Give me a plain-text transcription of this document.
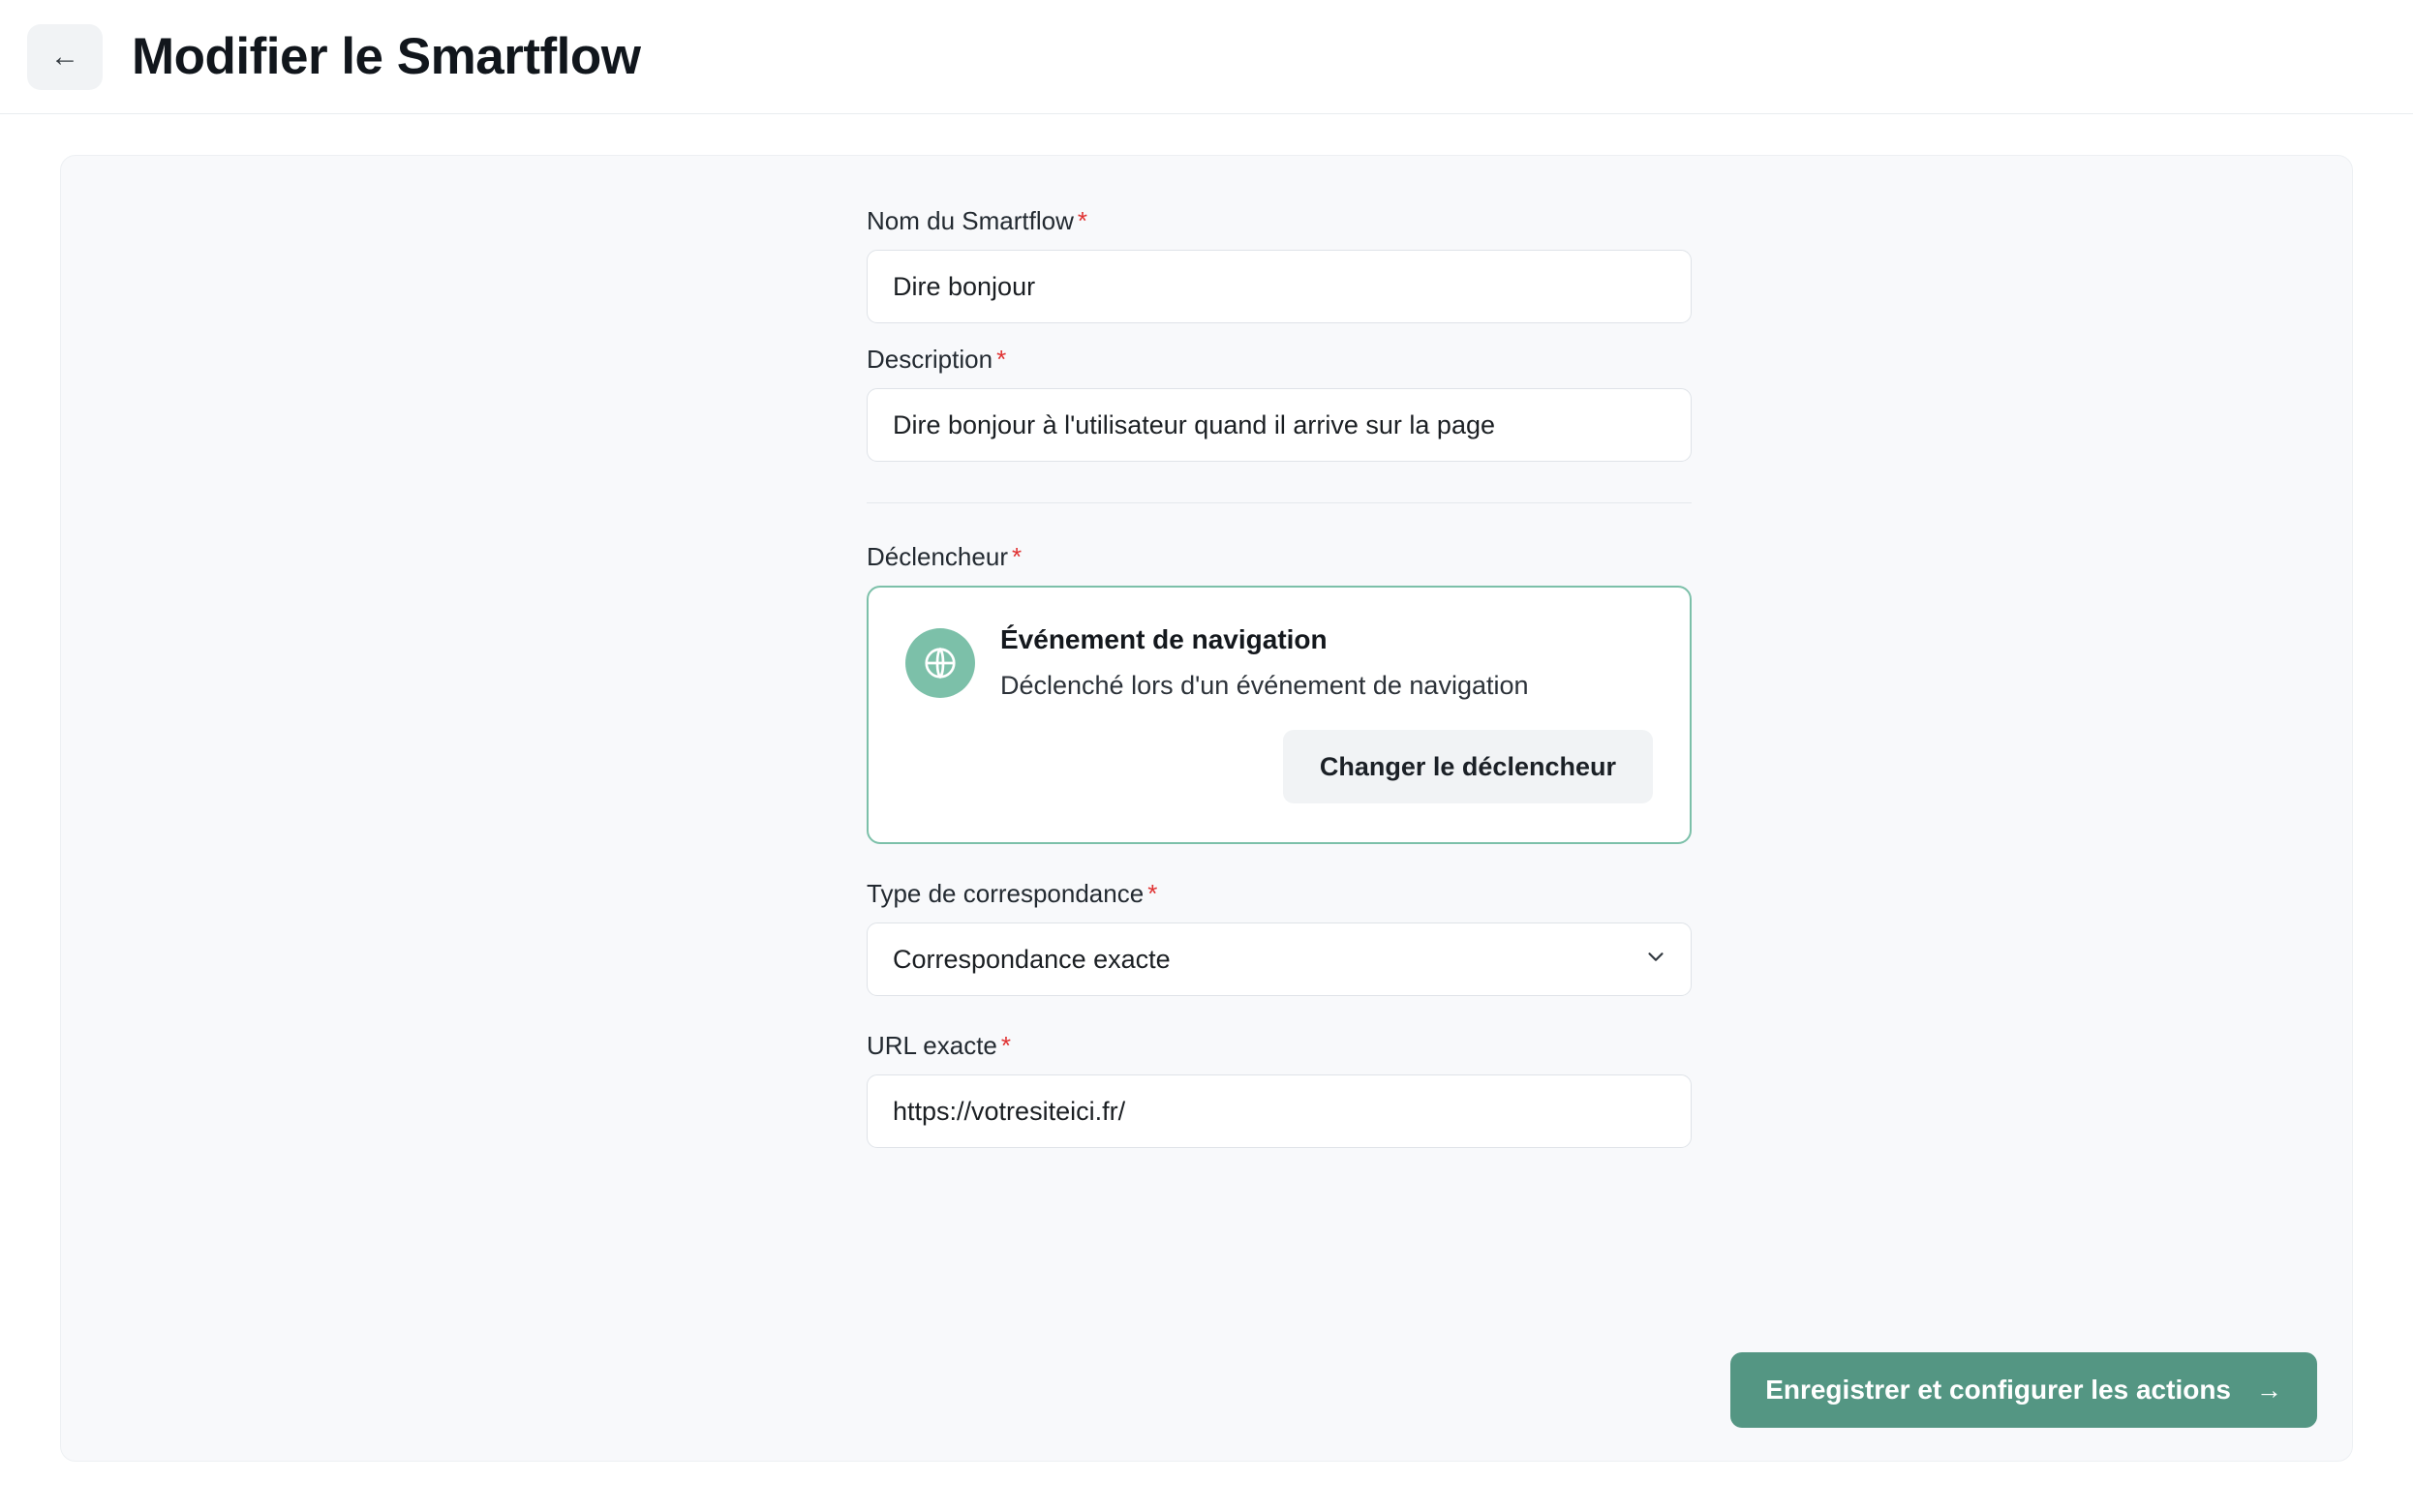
← Modifier le Smartflow
Nom du Smartflow *
Dire bonjour
Description *
Dire bonjour à l'utilisateur quand il arrive sur la page
Déclencheur *
Événement de navigation
Déclenché lors d'un événement de navigation
Changer le déclencheur
Type de correspondance *
Correspondance exacte
URL exacte *
https://votresiteici.fr/
Enregistrer et configurer les actions →
